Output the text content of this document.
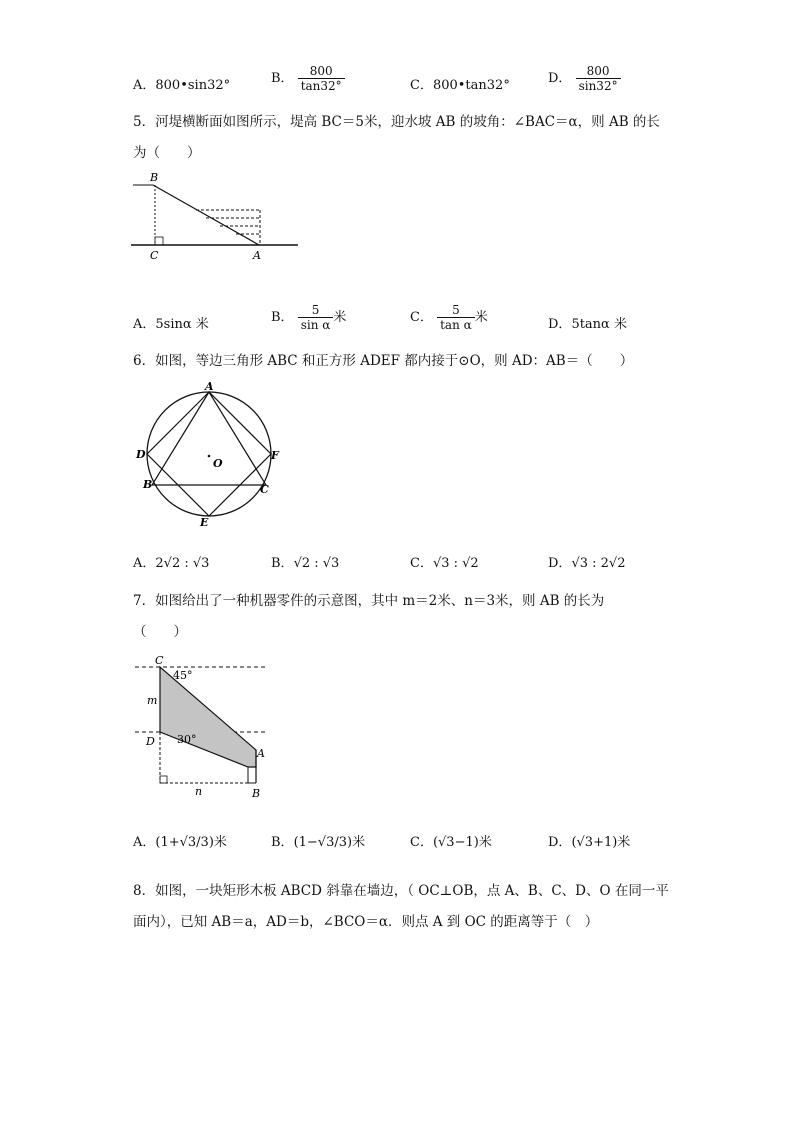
A．800•sin32°	B． $\frac{800}{\tan 32^\circ}$	C．800•tan32°	D． $\frac{800}{\sin 32^\circ}$
5．河堤横断面如图所示，堤高 BC＝5米，迎水坡 AB 的坡角：∠BAC＝α，则 AB 的长
为（　　）
B
C	A
A．5sinα 米	B． $\frac{5}{\text{sin α}}$ 米	C． $\frac{5}{\text{tan α}}$ 米	D．5tanα 米
6．如图，等边三角形 ABC 和正方形 ADEF 都内接于⊙O，则 AD：AB＝（　　）
A
D	F
B	C
E
O
A．2√2 : √3	B．√2 : √3	C．√3 : √2	D．√3 : 2√2
7．如图给出了一种机器零件的示意图，其中 m＝2米、n＝3米，则 AB 的长为
（　　）
C
45°
m
D 30°
A
n	B
A．(1+√3/3)米	B．(1−√3/3)米	C．(√3−1)米	D．(√3+1)米
8．如图，一块矩形木板 ABCD 斜靠在墙边，（ OC⊥OB，点 A、B、C、D、O 在同一平
面内），已知 AB＝a，AD＝b，∠BCO＝α．则点 A 到 OC 的距离等于（　）
